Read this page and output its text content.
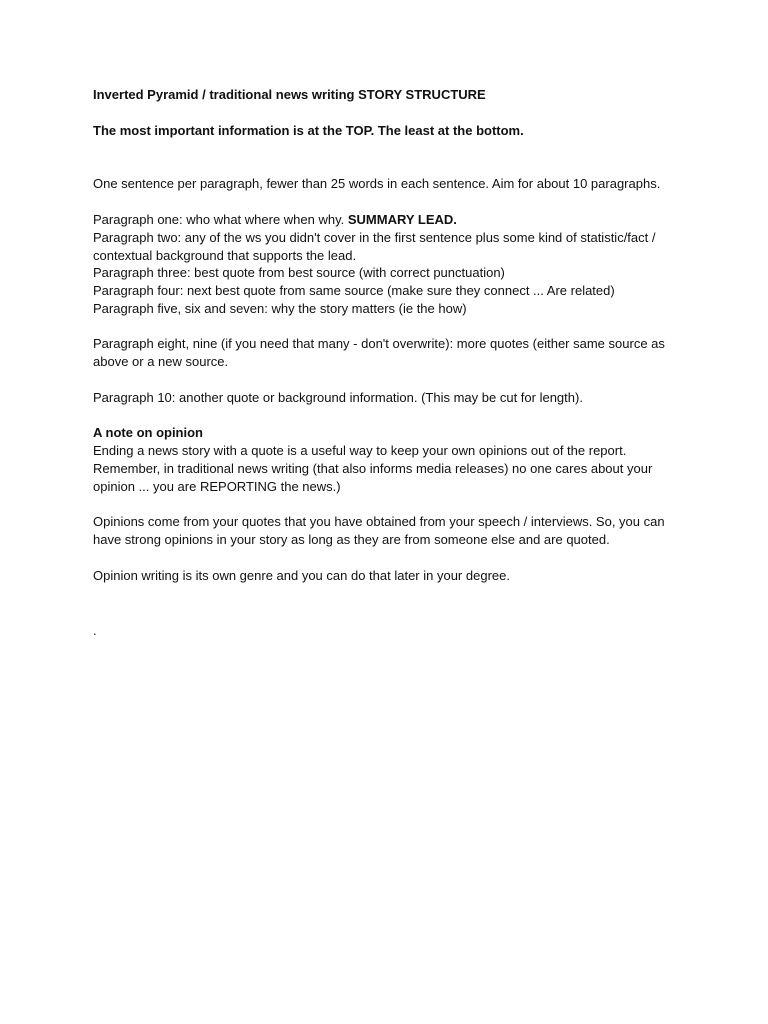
Inverted Pyramid / traditional news writing STORY STRUCTURE

The most important information is at the TOP. The least at the bottom.

One sentence per paragraph, fewer than 25 words in each sentence. Aim for about 10 paragraphs.

Paragraph one: who what where when why. SUMMARY LEAD.

Paragraph two: any of the ws you didn't cover in the first sentence plus some kind of statistic/fact / contextual background that supports the lead.

Paragraph three: best quote from best source (with correct punctuation)

Paragraph four: next best quote from same source (make sure they connect ... Are related)

Paragraph five, six and seven: why the story matters (ie the how)

Paragraph eight, nine (if you need that many - don't overwrite): more quotes (either same source as above or a new source.

Paragraph 10: another quote or background information. (This may be cut for length).

A note on opinion

Ending a news story with a quote is a useful way to keep your own opinions out of the report. Remember, in traditional news writing (that also informs media releases) no one cares about your opinion ... you are REPORTING the news.)

Opinions come from your quotes that you have obtained from your speech / interviews. So, you can have strong opinions in your story as long as they are from someone else and are quoted.

Opinion writing is its own genre and you can do that later in your degree.

.
